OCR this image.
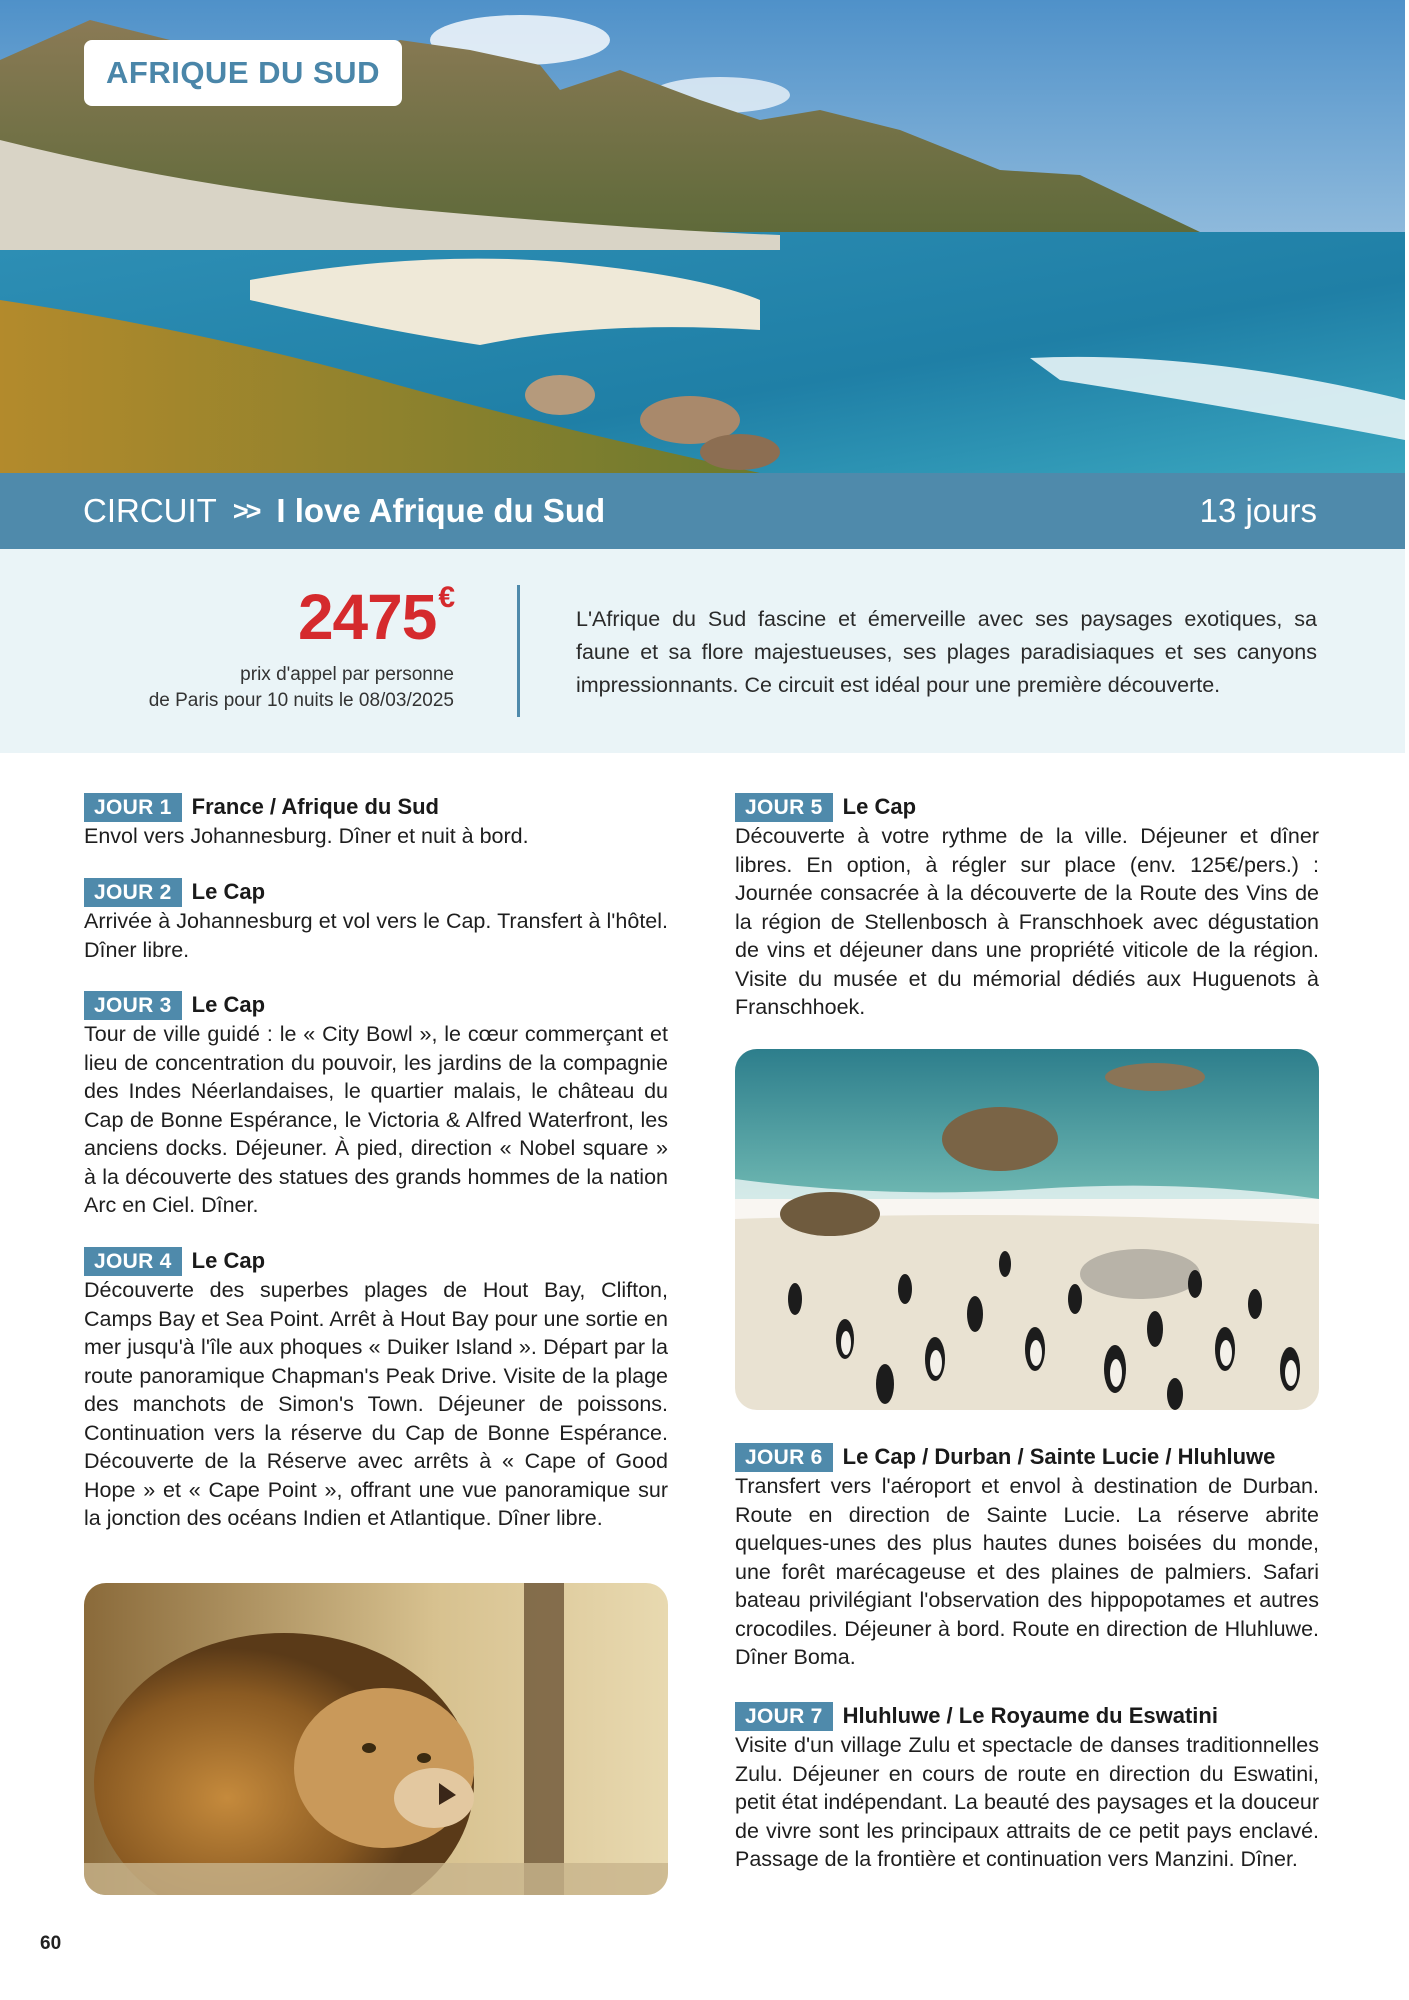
AFRIQUE DU SUD
CIRCUIT >> I love Afrique du Sud	13 jours
2475€
prix d'appel par personne
de Paris pour 10 nuits le 08/03/2025
L'Afrique du Sud fascine et émerveille avec ses paysages exotiques, sa faune et sa flore majestueuses, ses plages paradisiaques et ses canyons impressionnants. Ce circuit est idéal pour une première découverte.
JOUR 1 France / Afrique du Sud
Envol vers Johannesburg. Dîner et nuit à bord.
JOUR 2 Le Cap
Arrivée à Johannesburg et vol vers le Cap. Transfert à l'hôtel. Dîner libre.
JOUR 3 Le Cap
Tour de ville guidé : le « City Bowl », le cœur commerçant et lieu de concentration du pouvoir, les jardins de la compagnie des Indes Néerlandaises, le quartier malais, le château du Cap de Bonne Espérance, le Victoria & Alfred Waterfront, les anciens docks. Déjeuner. À pied, direction « Nobel square » à la découverte des statues des grands hommes de la nation Arc en Ciel. Dîner.
JOUR 4 Le Cap
Découverte des superbes plages de Hout Bay, Clifton, Camps Bay et Sea Point. Arrêt à Hout Bay pour une sortie en mer jusqu'à l'île aux phoques « Duiker Island ». Départ par la route panoramique Chapman's Peak Drive. Visite de la plage des manchots de Simon's Town. Déjeuner de poissons. Continuation vers la réserve du Cap de Bonne Espérance. Découverte de la Réserve avec arrêts à « Cape of Good Hope » et « Cape Point », offrant une vue panoramique sur la jonction des océans Indien et Atlantique. Dîner libre.
JOUR 5 Le Cap
Découverte à votre rythme de la ville. Déjeuner et dîner libres. En option, à régler sur place (env. 125€/pers.) : Journée consacrée à la découverte de la Route des Vins de la région de Stellenbosch à Franschhoek avec dégustation de vins et déjeuner dans une propriété viticole de la région. Visite du musée et du mémorial dédiés aux Huguenots à Franschhoek.
JOUR 6 Le Cap / Durban / Sainte Lucie / Hluhluwe
Transfert vers l'aéroport et envol à destination de Durban. Route en direction de Sainte Lucie. La réserve abrite quelques-unes des plus hautes dunes boisées du monde, une forêt marécageuse et des plaines de palmiers. Safari bateau privilégiant l'observation des hippopotames et autres crocodiles. Déjeuner à bord. Route en direction de Hluhluwe. Dîner Boma.
JOUR 7 Hluhluwe / Le Royaume du Eswatini
Visite d'un village Zulu et spectacle de danses traditionnelles Zulu. Déjeuner en cours de route en direction du Eswatini, petit état indépendant. La beauté des paysages et la douceur de vivre sont les principaux attraits de ce petit pays enclavé. Passage de la frontière et continuation vers Manzini. Dîner.
60
